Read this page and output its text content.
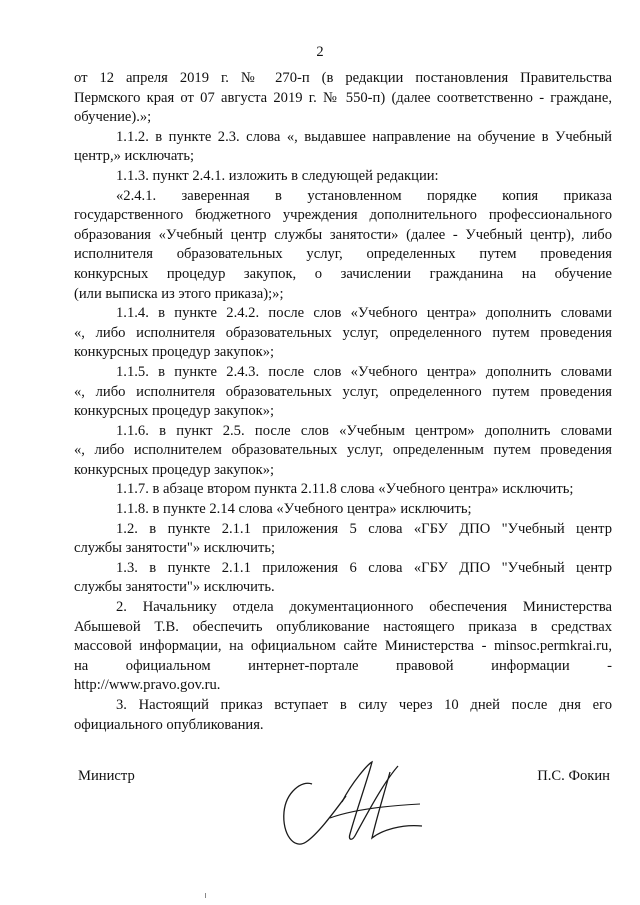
2
от 12 апреля 2019 г. № 270-п (в редакции постановления Правительства
Пермского края от 07 августа 2019 г. № 550-п) (далее соответственно - граждане,
обучение).»;
1.1.2. в пункте 2.3. слова «, выдавшее направление на обучение в Учебный
центр,» исключать;
1.1.3. пункт 2.4.1. изложить в следующей редакции:
«2.4.1. заверенная в установленном порядке копия приказа
государственного бюджетного учреждения дополнительного профессионального
образования «Учебный центр службы занятости» (далее - Учебный центр), либо
исполнителя образовательных услуг, определенных путем проведения
конкурсных процедур закупок, о зачислении гражданина на обучение
(или выписка из этого приказа);»;
1.1.4. в пункте 2.4.2. после слов «Учебного центра» дополнить словами
«, либо исполнителя образовательных услуг, определенного путем проведения
конкурсных процедур закупок»;
1.1.5. в пункте 2.4.3. после слов «Учебного центра» дополнить словами
«, либо исполнителя образовательных услуг, определенного путем проведения
конкурсных процедур закупок»;
1.1.6. в пункт 2.5. после слов «Учебным центром» дополнить словами
«, либо исполнителем образовательных услуг, определенным путем проведения
конкурсных процедур закупок»;
1.1.7. в абзаце втором пункта 2.11.8 слова «Учебного центра» исключить;
1.1.8. в пункте 2.14 слова «Учебного центра» исключить;
1.2. в пункте 2.1.1 приложения 5 слова «ГБУ ДПО "Учебный центр
службы занятости"» исключить;
1.3. в пункте 2.1.1 приложения 6 слова «ГБУ ДПО "Учебный центр
службы занятости"» исключить.
2. Начальнику отдела документационного обеспечения Министерства
Абышевой Т.В. обеспечить опубликование настоящего приказа в средствах
массовой информации, на официальном сайте Министерства - minsoc.permkrai.ru,
на официальном интернет-портале правовой информации -
http://www.pravo.gov.ru.
3. Настоящий приказ вступает в силу через 10 дней после дня его
официального опубликования.
Министр	П.С. Фокин
